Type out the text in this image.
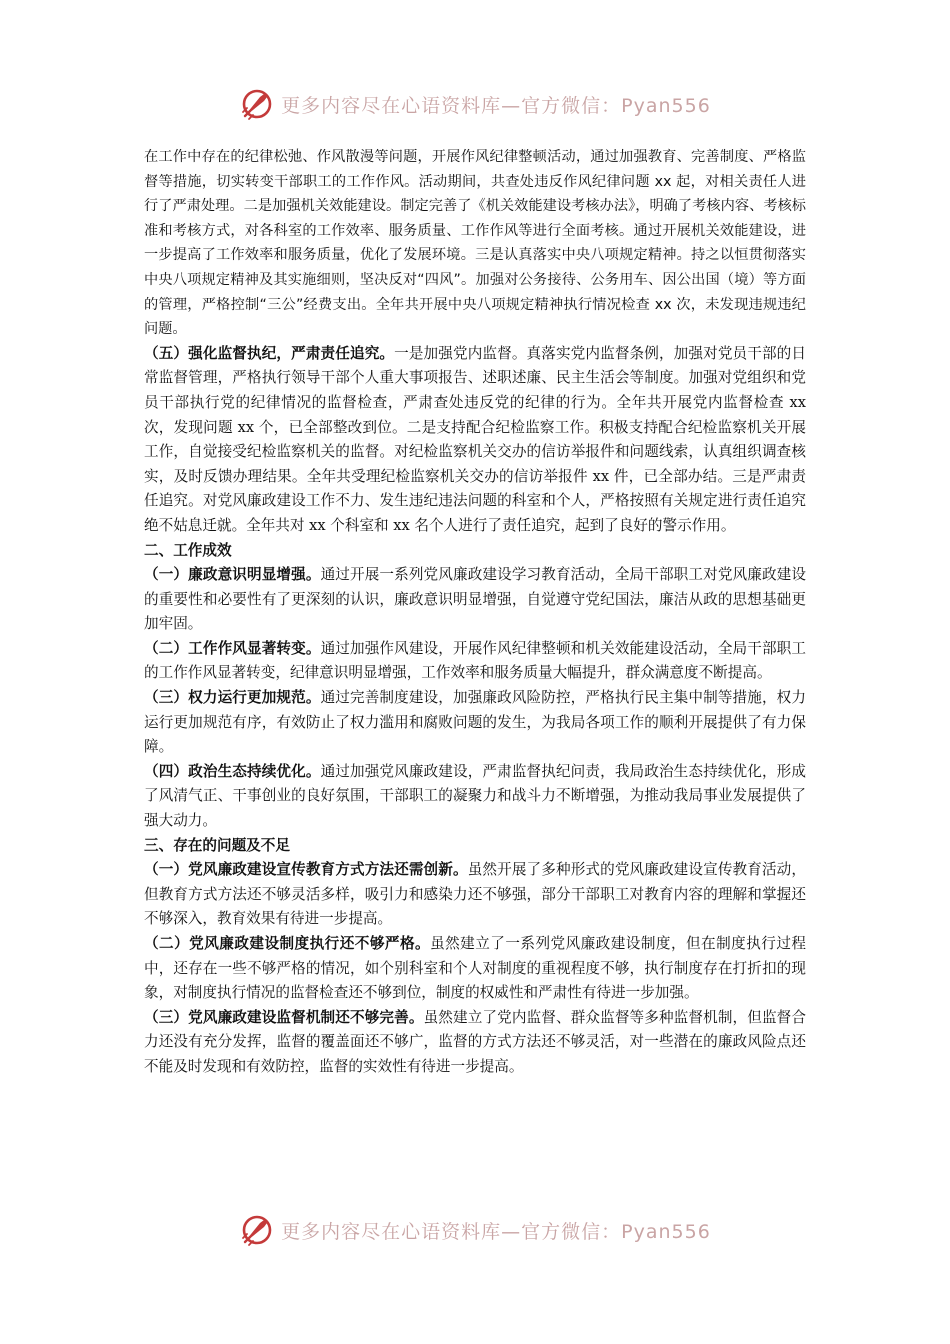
更多内容尽在心语资料库—官方微信：Pyan556

在工作中存在的纪律松弛、作风散漫等问题，开展作风纪律整顿活动，通过加强教育、完善制度、严格监督等措施，切实转变干部职工的工作作风。活动期间，共查处违反作风纪律问题 xx 起，对相关责任人进行了严肃处理。二是加强机关效能建设。制定完善了《机关效能建设考核办法》，明确了考核内容、考核标准和考核方式，对各科室的工作效率、服务质量、工作作风等进行全面考核。通过开展机关效能建设，进一步提高了工作效率和服务质量，优化了发展环境。三是认真落实中央八项规定精神。持之以恒贯彻落实中央八项规定精神及其实施细则，坚决反对“四风”。加强对公务接待、公务用车、因公出国（境）等方面的管理，严格控制“三公”经费支出。全年共开展中央八项规定精神执行情况检查 xx 次，未发现违规违纪问题。

（五）强化监督执纪，严肃责任追究。一是加强党内监督。真落实党内监督条例，加强对党员干部的日常监督管理，严格执行领导干部个人重大事项报告、述职述廉、民主生活会等制度。加强对党组织和党员干部执行党的纪律情况的监督检查，严肃查处违反党的纪律的行为。全年共开展党内监督检查 xx 次，发现问题 xx 个，已全部整改到位。二是支持配合纪检监察工作。积极支持配合纪检监察机关开展工作，自觉接受纪检监察机关的监督。对纪检监察机关交办的信访举报件和问题线索，认真组织调查核实，及时反馈办理结果。全年共受理纪检监察机关交办的信访举报件 xx 件，已全部办结。三是严肃责任追究。对党风廉政建设工作不力、发生违纪违法问题的科室和个人，严格按照有关规定进行责任追究绝不姑息迁就。全年共对 xx 个科室和 xx 名个人进行了责任追究，起到了良好的警示作用。

二、工作成效

（一）廉政意识明显增强。通过开展一系列党风廉政建设学习教育活动，全局干部职工对党风廉政建设的重要性和必要性有了更深刻的认识，廉政意识明显增强，自觉遵守党纪国法，廉洁从政的思想基础更加牢固。

（二）工作作风显著转变。通过加强作风建设，开展作风纪律整顿和机关效能建设活动，全局干部职工的工作作风显著转变，纪律意识明显增强，工作效率和服务质量大幅提升，群众满意度不断提高。

（三）权力运行更加规范。通过完善制度建设，加强廉政风险防控，严格执行民主集中制等措施，权力运行更加规范有序，有效防止了权力滥用和腐败问题的发生，为我局各项工作的顺利开展提供了有力保障。

（四）政治生态持续优化。通过加强党风廉政建设，严肃监督执纪问责，我局政治生态持续优化，形成了风清气正、干事创业的良好氛围，干部职工的凝聚力和战斗力不断增强，为推动我局事业发展提供了强大动力。

三、存在的问题及不足

（一）党风廉政建设宣传教育方式方法还需创新。虽然开展了多种形式的党风廉政建设宣传教育活动，但教育方式方法还不够灵活多样，吸引力和感染力还不够强，部分干部职工对教育内容的理解和掌握还不够深入，教育效果有待进一步提高。

（二）党风廉政建设制度执行还不够严格。虽然建立了一系列党风廉政建设制度，但在制度执行过程中，还存在一些不够严格的情况，如个别科室和个人对制度的重视程度不够，执行制度存在打折扣的现象，对制度执行情况的监督检查还不够到位，制度的权威性和严肃性有待进一步加强。

（三）党风廉政建设监督机制还不够完善。虽然建立了党内监督、群众监督等多种监督机制，但监督合力还没有充分发挥，监督的覆盖面还不够广，监督的方式方法还不够灵活，对一些潜在的廉政风险点还不能及时发现和有效防控，监督的实效性有待进一步提高。

更多内容尽在心语资料库—官方微信：Pyan556
